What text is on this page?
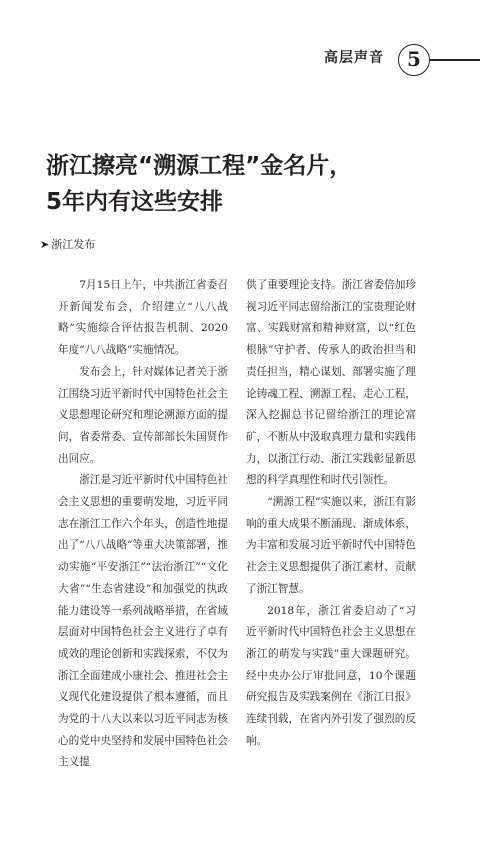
高层声音	5
浙江擦亮“溯源工程”金名片，
5年内有这些安排
➤ 浙江发布

7月15日上午，中共浙江省委召开新闻发布会，介绍建立“八八战略”实施综合评估报告机制、2020年度“八八战略”实施情况。

发布会上，针对媒体记者关于浙江围绕习近平新时代中国特色社会主义思想理论研究和理论溯源方面的提问，省委常委、宣传部部长朱国贤作出回应。

浙江是习近平新时代中国特色社会主义思想的重要萌发地，习近平同志在浙江工作六个年头，创造性地提出了“八八战略”等重大决策部署，推动实施“平安浙江”“法治浙江”“文化大省”“生态省建设”和加强党的执政能力建设等一系列战略举措，在省域层面对中国特色社会主义进行了卓有成效的理论创新和实践探索，不仅为浙江全面建成小康社会、推进社会主义现代化建设提供了根本遵循，而且为党的十八大以来以习近平同志为核心的党中央坚持和发展中国特色社会主义提

供了重要理论支持。浙江省委倍加珍视习近平同志留给浙江的宝贵理论财富、实践财富和精神财富，以“红色根脉”守护者、传承人的政治担当和责任担当，精心谋划、部署实施了理论铸魂工程、溯源工程、走心工程，深入挖掘总书记留给浙江的理论富矿，不断从中汲取真理力量和实践伟力，以浙江行动、浙江实践彰显新思想的科学真理性和时代引领性。

“溯源工程”实施以来，浙江有影响的重大成果不断涌现、渐成体系，为丰富和发展习近平新时代中国特色社会主义思想提供了浙江素材、贡献了浙江智慧。

2018年，浙江省委启动了“习近平新时代中国特色社会主义思想在浙江的萌发与实践”重大课题研究。经中央办公厅审批同意，10个课题研究报告及实践案例在《浙江日报》连续刊载，在省内外引发了强烈的反响。
